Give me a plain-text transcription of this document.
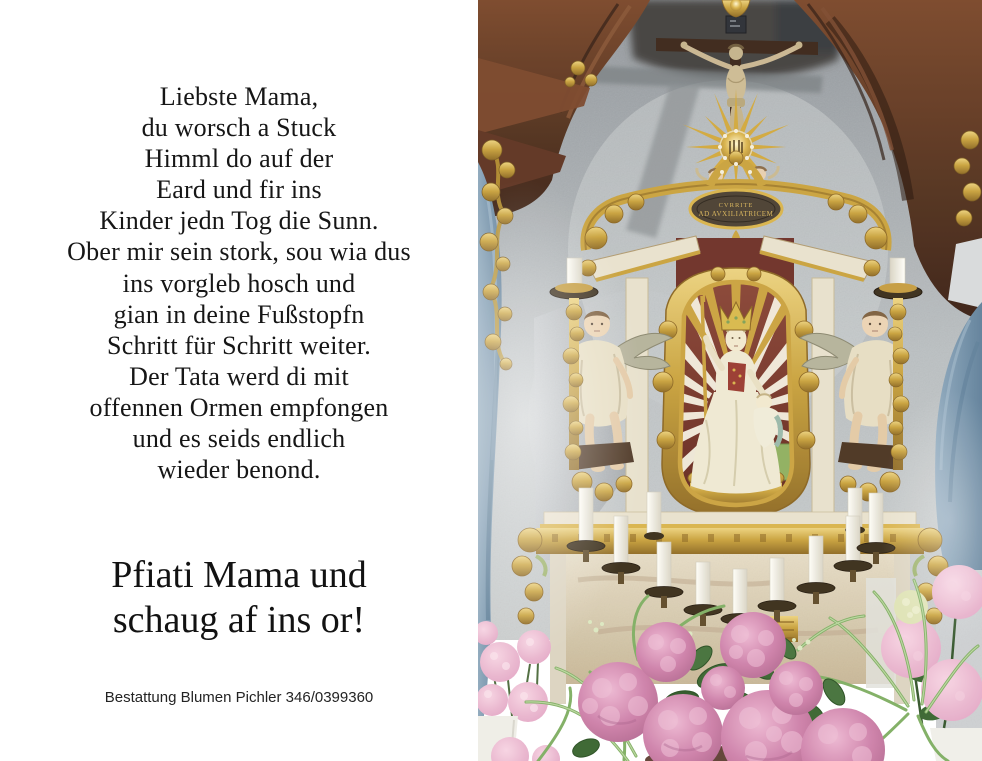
Liebste Mama,
du worsch a Stuck
Himml do auf der
Eard und fir ins
Kinder jedn Tog die Sunn.
Ober mir sein stork, sou wia dus
ins vorgleb hosch und
gian in deine Fußstopfn
Schritt für Schritt weiter.
Der Tata werd di mit
offennen Ormen empfongen
und es seids endlich
wieder benond.
Pfiati Mama und
schaug af ins or!
Bestattung Blumen Pichler 346/0399360
CVRRITE
AD AVXILIATRICEM
